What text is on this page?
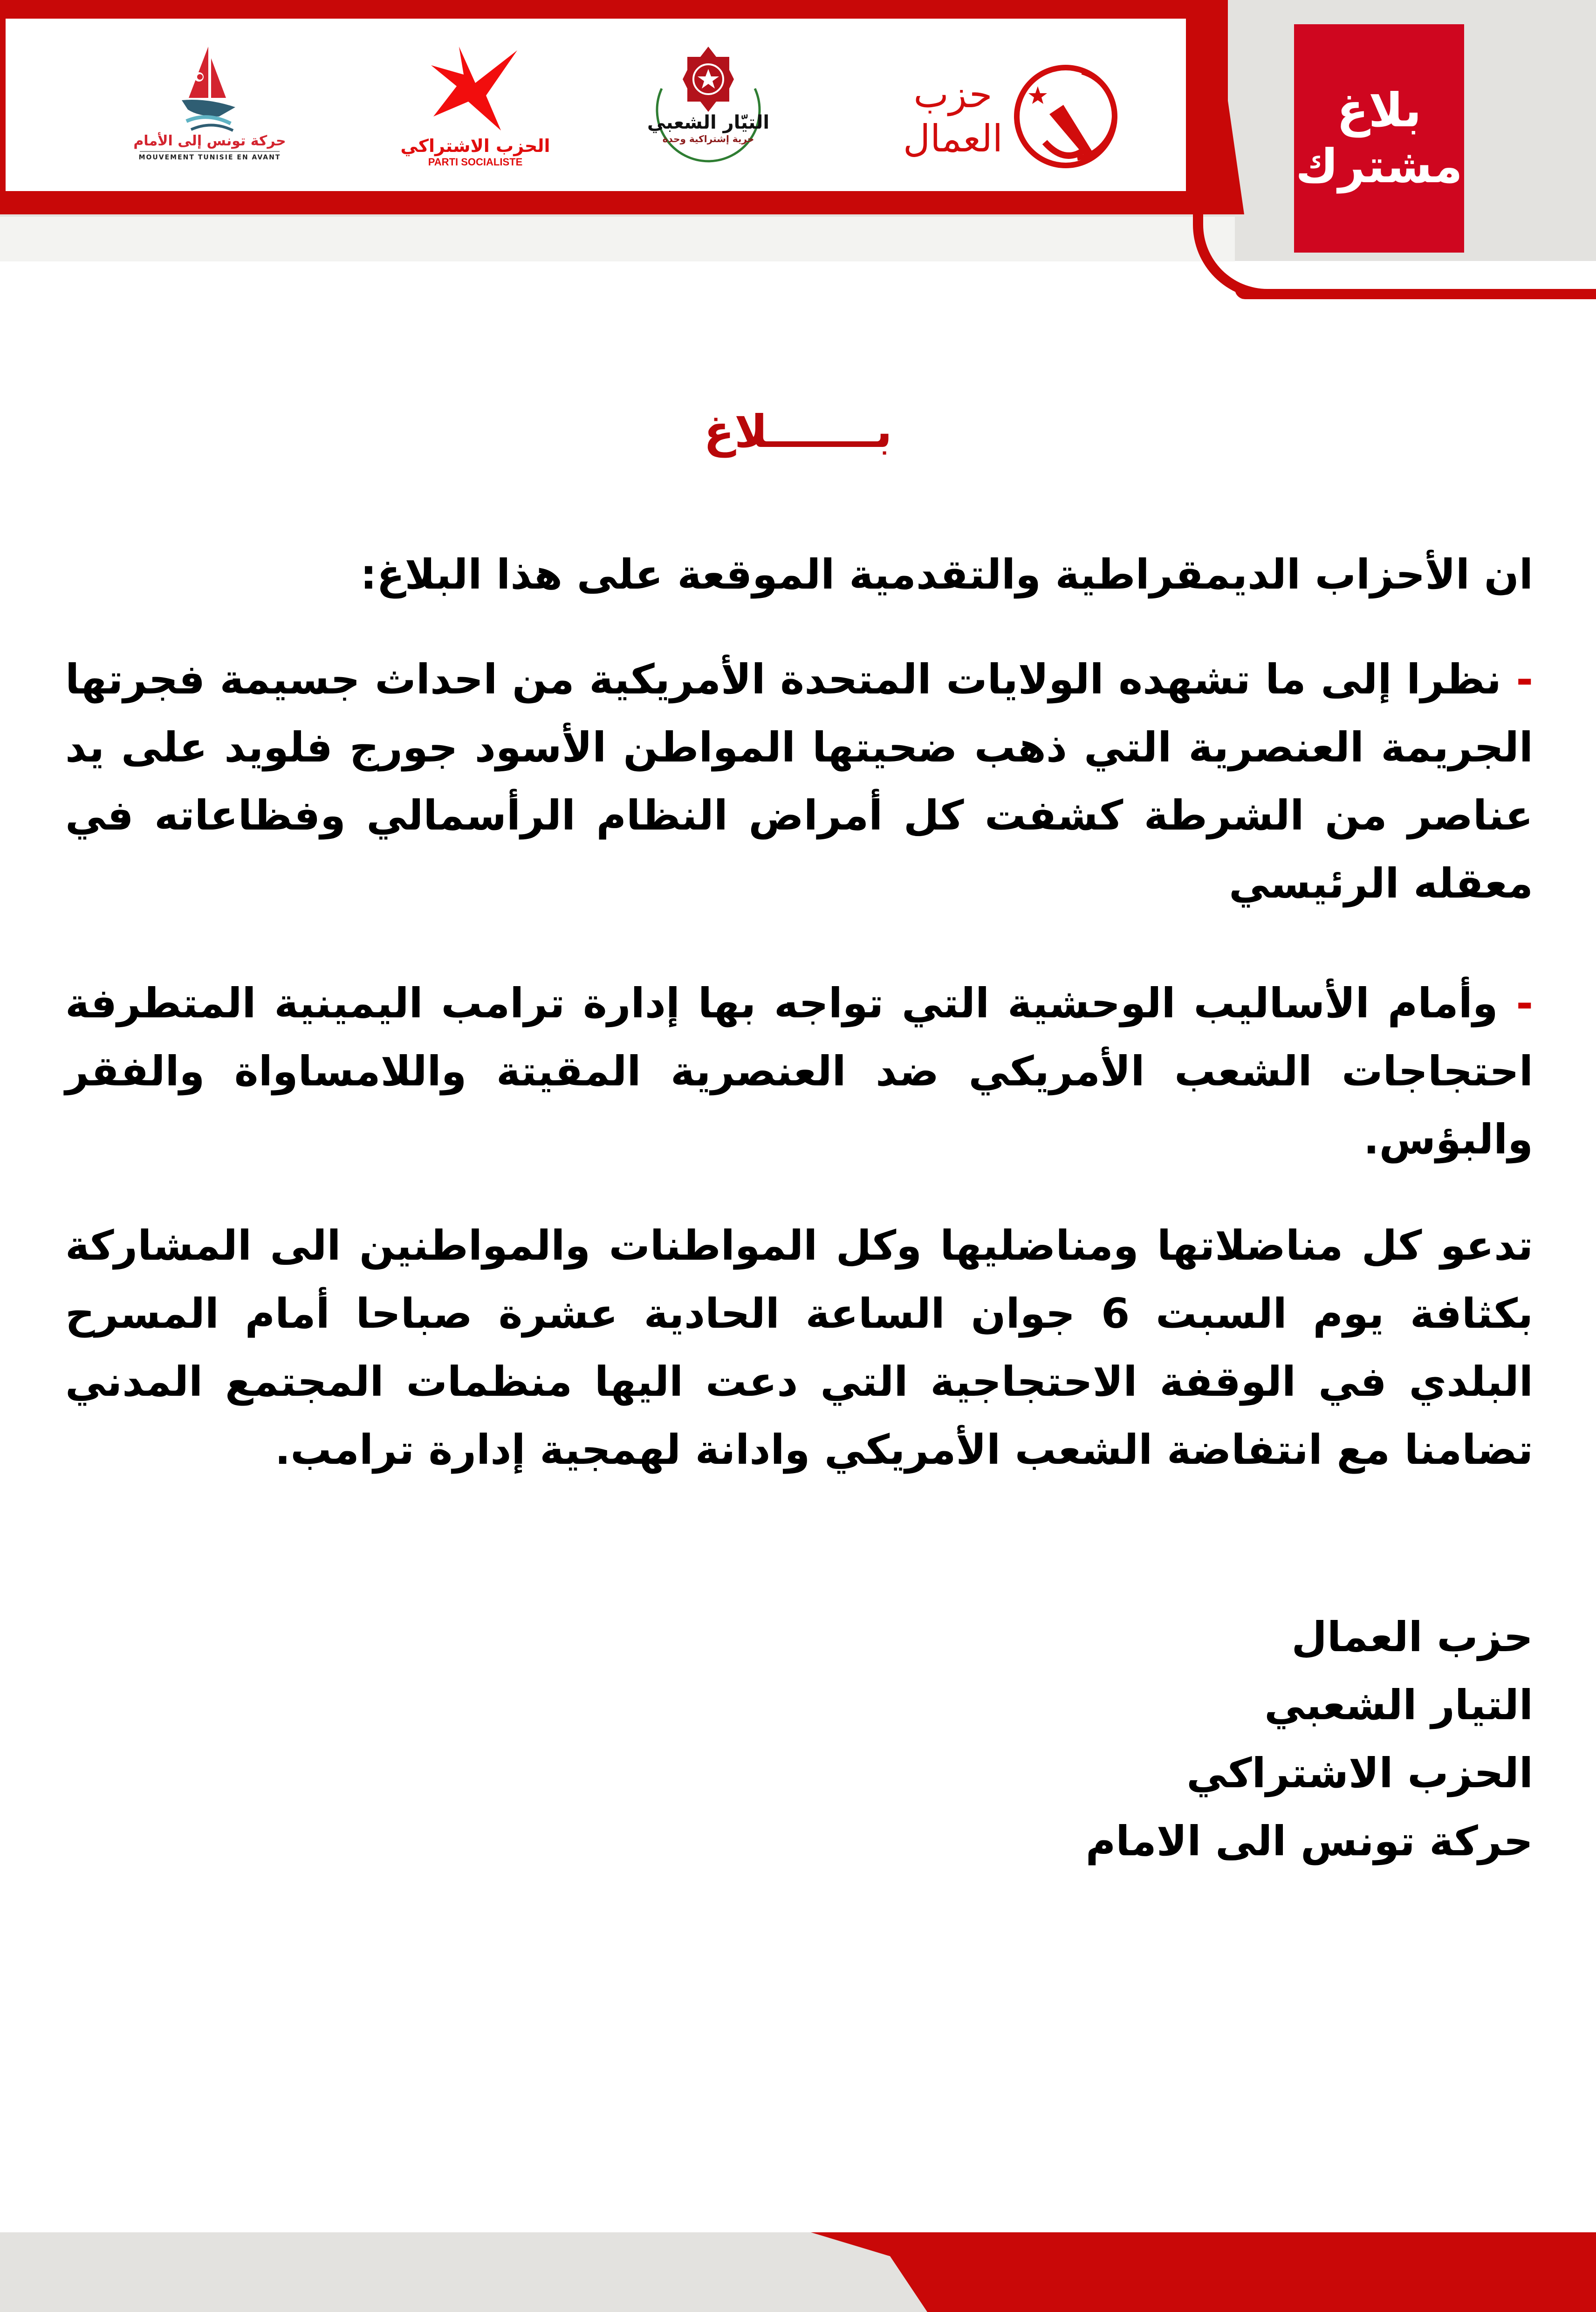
حركة تونس إلى الأمام
MOUVEMENT TUNISIE EN AVANT
الحزب الاشتراكي
PARTI SOCIALISTE
التيّار الشعبي
حرية إشتراكية وحدة
حزب
العمال
بلاغ
مشترك
بـــــــلاغ
ان الأحزاب الديمقراطية والتقدمية الموقعة على هذا البلاغ:
- نظرا إلى ما تشهده الولايات المتحدة الأمريكية من احداث جسيمة فجرتها الجريمة العنصرية التي ذهب ضحيتها المواطن الأسود جورج فلويد على يد عناصر من الشرطة كشفت كل أمراض النظام الرأسمالي وفظاعاته في معقله الرئيسي
- وأمام الأساليب الوحشية التي تواجه بها إدارة ترامب اليمينية المتطرفة احتجاجات الشعب الأمريكي ضد العنصرية المقيتة واللامساواة والفقر والبؤس.
تدعو كل مناضلاتها ومناضليها وكل المواطنات والمواطنين الى المشاركة بكثافة يوم السبت 6 جوان الساعة الحادية عشرة صباحا أمام المسرح البلدي في الوقفة الاحتجاجية التي دعت اليها منظمات المجتمع المدني تضامنا مع انتفاضة الشعب الأمريكي وادانة لهمجية إدارة ترامب.
حزب العمال
التيار الشعبي
الحزب الاشتراكي
حركة تونس الى الامام
